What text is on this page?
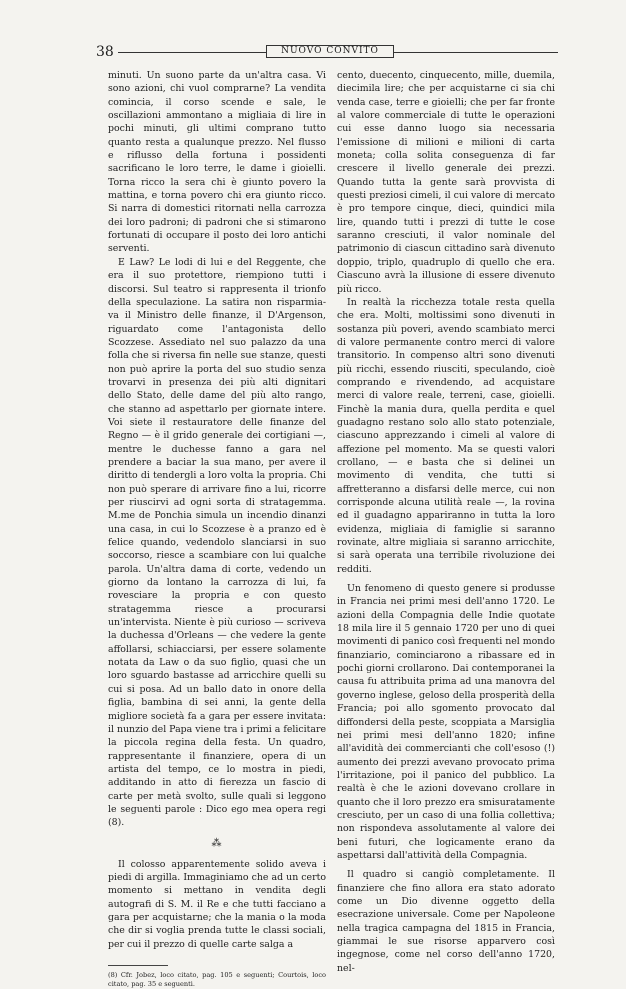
38	NUOVO CONVITO

minuti. Un suono parte da un'altra casa. Vi sono azioni, chi vuol comprarne? La vendita comincia, il corso scende e sale, le oscillazioni ammontano a migliaia di lire in pochi minuti, gli ultimi comprano tutto quanto resta a qualunque prezzo. Nel flusso e riflusso della fortuna i possidenti sacrificano le loro terre, le dame i gioielli. Torna ricco la sera chi è giunto povero la mattina, e torna povero chi era giunto ricco. Si narra di domestici ritornati nella carrozza dei loro padroni; di padroni che si stimarono fortunati di occupare il posto dei loro antichi serventi.

E Law? Le lodi di lui e del Reggente, che era il suo protettore, riempiono tutti i discorsi. Sul teatro si rappresenta il trionfo della speculazione. La satira non risparmia-va il Ministro delle finanze, il D'Argenson, riguardato come l'antagonista dello Scozzese. Assediato nel suo palazzo da una folla che si riversa fin nelle sue stanze, questi non può aprire la porta del suo studio senza trovarvi in presenza dei più alti dignitari dello Stato, delle dame del più alto rango, che stanno ad aspettarlo per giornate intere. Voi siete il restauratore delle finanze del Regno — è il grido generale dei cortigiani —, mentre le duchesse fanno a gara nel prendere a baciar la sua mano, per avere il diritto di tendergli a loro volta la propria. Chi non può sperare di arrivare fino a lui, ricorre per riuscirvi ad ogni sorta di stratagemma. M.me de Ponchia simula un incendio dinanzi una casa, in cui lo Scozzese è a pranzo ed è felice quando, vedendolo slanciarsi in suo soccorso, riesce a scambiare con lui qualche parola. Un'altra dama di corte, vedendo un giorno da lontano la carrozza di lui, fa rovesciare la propria e con questo stratagemma riesce a procurarsi un'intervista. Niente è più curioso — scriveva la duchessa d'Orleans — che vedere la gente affollarsi, schiacciarsi, per essere solamente notata da Law o da suo figlio, quasi che un loro sguardo bastasse ad arricchire quelli su cui si posa. Ad un ballo dato in onore della figlia, bambina di sei anni, la gente della migliore società fa a gara per essere invitata: il nunzio del Papa viene tra i primi a felicitare la piccola regina della festa. Un quadro, rappresentante il finanziere, opera di un artista del tempo, ce lo mostra in piedi, additando in atto di fierezza un fascio di carte per metà svolto, sulle quali si leggono le seguenti parole : Dico ego mea opera regi (8).

⁂

Il colosso apparentemente solido aveva i piedi di argilla. Immaginiamo che ad un certo momento si mettano in vendita degli autografi di S. M. il Re e che tutti facciano a gara per acquistarne; che la mania o la moda che dir si voglia prenda tutte le classi sociali, per cui il prezzo di quelle carte salga a

(8) Cfr. Jobez, loco citato, pag. 105 e seguenti; Courtois, loco citato, pag. 35 e seguenti.

cento, duecento, cinquecento, mille, duemila, diecimila lire; che per acquistarne ci sia chi venda case, terre e gioielli; che per far fronte al valore commerciale di tutte le operazioni cui esse danno luogo sia necessaria l'emissione di milioni e milioni di carta moneta; colla solita conseguenza di far crescere il livello generale dei prezzi. Quando tutta la gente sarà provvista di questi preziosi cimeli, il cui valore di mercato è pro tempore cinque, dieci, quindici mila lire, quando tutti i prezzi di tutte le cose saranno cresciuti, il valor nominale del patrimonio di ciascun cittadino sarà divenuto doppio, triplo, quadruplo di quello che era. Ciascuno avrà la illusione di essere divenuto più ricco.

In realtà la ricchezza totale resta quella che era. Molti, moltissimi sono divenuti in sostanza più poveri, avendo scambiato merci di valore permanente contro merci di valore transitorio. In compenso altri sono divenuti più ricchi, essendo riusciti, speculando, cioè comprando e rivendendo, ad acquistare merci di valore reale, terreni, case, gioielli. Finchè la mania dura, quella perdita e quel guadagno restano solo allo stato potenziale, ciascuno apprezzando i cimeli al valore di affezione pel momento. Ma se questi valori crollano, — e basta che si delinei un movimento di vendita, che tutti si affretteranno a disfarsi delle merce, cui non corrisponde alcuna utilità reale —, la rovina ed il guadagno appariranno in tutta la loro evidenza, migliaia di famiglie si saranno rovinate, altre migliaia si saranno arricchite, si sarà operata una terribile rivoluzione dei redditi.

Un fenomeno di questo genere si produsse in Francia nei primi mesi dell'anno 1720. Le azioni della Compagnia delle Indie quotate 18 mila lire il 5 gennaio 1720 per uno di quei movimenti di panico così frequenti nel mondo finanziario, cominciarono a ribassare ed in pochi giorni crollarono. Dai contemporanei la causa fu attribuita prima ad una manovra del governo inglese, geloso della prosperità della Francia; poi allo sgomento provocato dal diffondersi della peste, scoppiata a Marsiglia nei primi mesi dell'anno 1820; infine all'avidità dei commercianti che coll'esoso (!) aumento dei prezzi avevano provocato prima l'irritazione, poi il panico del pubblico. La realtà è che le azioni dovevano crollare in quanto che il loro prezzo era smisuratamente cresciuto, per un caso di una follia collettiva; non rispondeva assolutamente al valore dei beni futuri, che logicamente erano da aspettarsi dall'attività della Compagnia.

Il quadro si cangiò completamente. Il finanziere che fino allora era stato adorato come un Dio divenne oggetto della esecrazione universale. Come per Napoleone nella tragica campagna del 1815 in Francia, giammai le sue risorse apparvero così ingegnose, come nel corso dell'anno 1720, nel-
